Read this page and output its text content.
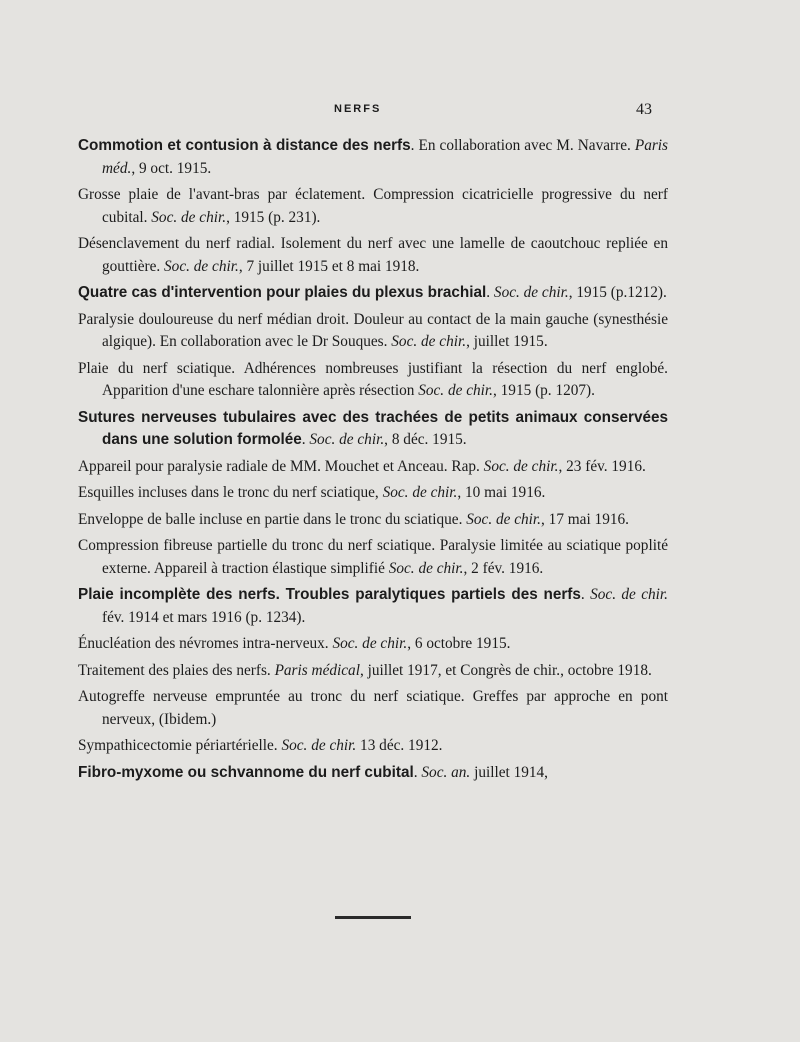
NERFS	43

Commotion et contusion à distance des nerfs. En collaboration avec M. Navarre. Paris méd., 9 oct. 1915.

Grosse plaie de l'avant-bras par éclatement. Compression cicatricielle progressive du nerf cubital. Soc. de chir., 1915 (p. 231).

Désenclavement du nerf radial. Isolement du nerf avec une lamelle de caoutchouc repliée en gouttière. Soc. de chir., 7 juillet 1915 et 8 mai 1918.

Quatre cas d'intervention pour plaies du plexus brachial. Soc. de chir., 1915 (p.1212).

Paralysie douloureuse du nerf médian droit. Douleur au contact de la main gauche (synesthésie algique). En collaboration avec le Dr Souques. Soc. de chir., juillet 1915.

Plaie du nerf sciatique. Adhérences nombreuses justifiant la résection du nerf englobé. Apparition d'une eschare talonnière après résection Soc. de chir., 1915 (p. 1207).

Sutures nerveuses tubulaires avec des trachées de petits animaux conservées dans une solution formolée. Soc. de chir., 8 déc. 1915.

Appareil pour paralysie radiale de MM. Mouchet et Anceau. Rap. Soc. de chir., 23 fév. 1916.

Esquilles incluses dans le tronc du nerf sciatique, Soc. de chir., 10 mai 1916.

Enveloppe de balle incluse en partie dans le tronc du sciatique. Soc. de chir., 17 mai 1916.

Compression fibreuse partielle du tronc du nerf sciatique. Paralysie limitée au sciatique poplité externe. Appareil à traction élastique simplifié Soc. de chir., 2 fév. 1916.

Plaie incomplète des nerfs. Troubles paralytiques partiels des nerfs. Soc. de chir. fév. 1914 et mars 1916 (p. 1234).

Énucléation des névromes intra-nerveux. Soc. de chir., 6 octobre 1915.

Traitement des plaies des nerfs. Paris médical, juillet 1917, et Congrès de chir., octobre 1918.

Autogreffe nerveuse empruntée au tronc du nerf sciatique. Greffes par approche en pont nerveux, (Ibidem.)

Sympathicectomie périartérielle. Soc. de chir. 13 déc. 1912.

Fibro-myxome ou schvannome du nerf cubital. Soc. an. juillet 1914,
